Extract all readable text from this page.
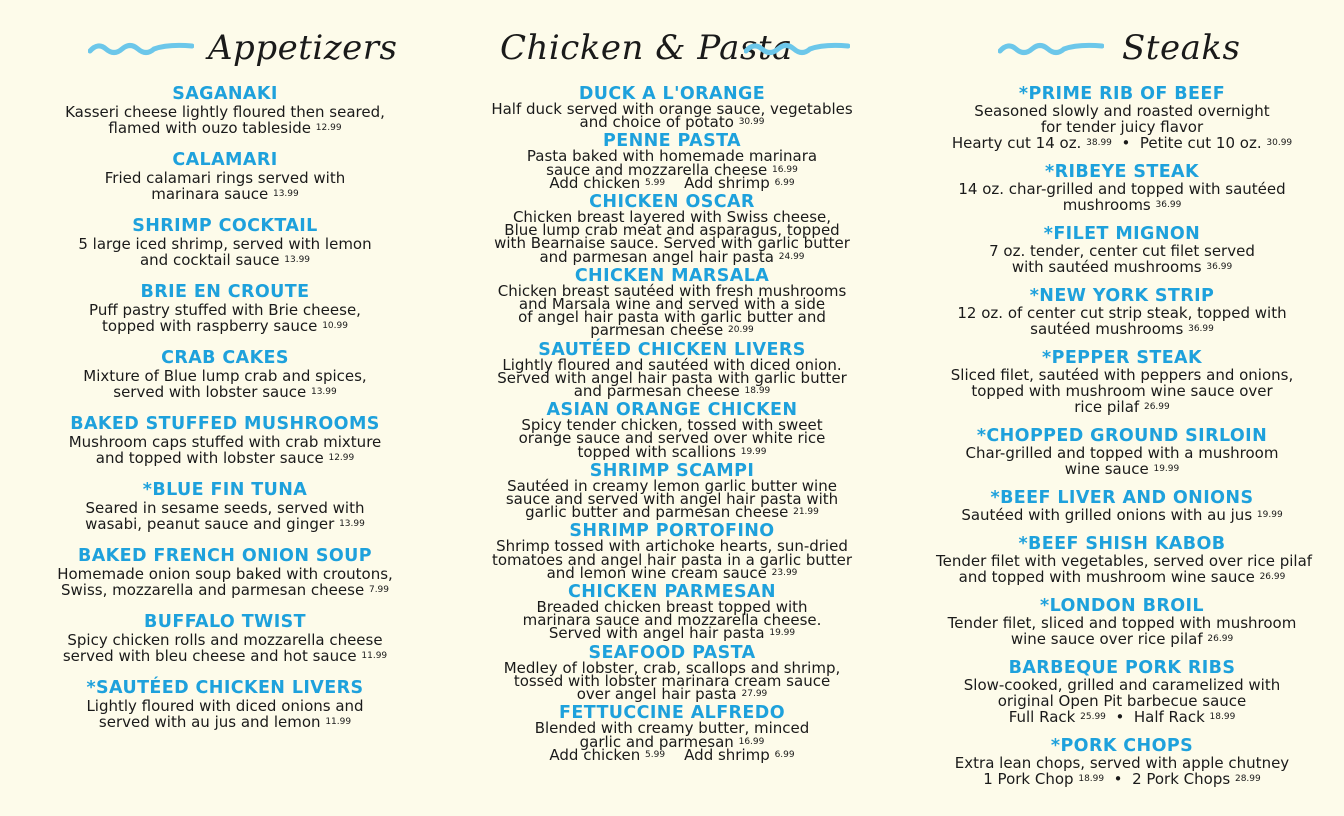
Appetizers
SAGANAKI
Kasseri cheese lightly floured then seared,
flamed with ouzo tableside $^{12.99}$
CALAMARI
Fried calamari rings served with
marinara sauce $^{13.99}$
SHRIMP COCKTAIL
5 large iced shrimp, served with lemon
and cocktail sauce $^{13.99}$
BRIE EN CROUTE
Puff pastry stuffed with Brie cheese,
topped with raspberry sauce $^{10.99}$
CRAB CAKES
Mixture of Blue lump crab and spices,
served with lobster sauce $^{13.99}$
BAKED STUFFED MUSHROOMS
Mushroom caps stuffed with crab mixture
and topped with lobster sauce $^{12.99}$
*BLUE FIN TUNA
Seared in sesame seeds, served with
wasabi, peanut sauce and ginger $^{13.99}$
BAKED FRENCH ONION SOUP
Homemade onion soup baked with croutons,
Swiss, mozzarella and parmesan cheese $^{7.99}$
BUFFALO TWIST
Spicy chicken rolls and mozzarella cheese
served with bleu cheese and hot sauce $^{11.99}$
*SAUTÉED CHICKEN LIVERS
Lightly floured with diced onions and
served with au jus and lemon $^{11.99}$
Chicken & Pasta
DUCK A L'ORANGE
Half duck served with orange sauce, vegetables
and choice of potato $^{30.99}$
PENNE PASTA
Pasta baked with homemade marinara
sauce and mozzarella cheese $^{16.99}$
Add chicken $^{5.99}$ Add shrimp $^{6.99}$
CHICKEN OSCAR
Chicken breast layered with Swiss cheese,
Blue lump crab meat and asparagus, topped
with Bearnaise sauce. Served with garlic butter
and parmesan angel hair pasta $^{24.99}$
CHICKEN MARSALA
Chicken breast sautéed with fresh mushrooms
and Marsala wine and served with a side
of angel hair pasta with garlic butter and
parmesan cheese $^{20.99}$
SAUTÉED CHICKEN LIVERS
Lightly floured and sautéed with diced onion.
Served with angel hair pasta with garlic butter
and parmesan cheese $^{18.99}$
ASIAN ORANGE CHICKEN
Spicy tender chicken, tossed with sweet
orange sauce and served over white rice
topped with scallions $^{19.99}$
SHRIMP SCAMPI
Sautéed in creamy lemon garlic butter wine
sauce and served with angel hair pasta with
garlic butter and parmesan cheese $^{21.99}$
SHRIMP PORTOFINO
Shrimp tossed with artichoke hearts, sun-dried
tomatoes and angel hair pasta in a garlic butter
and lemon wine cream sauce $^{23.99}$
CHICKEN PARMESAN
Breaded chicken breast topped with
marinara sauce and mozzarella cheese.
Served with angel hair pasta $^{19.99}$
SEAFOOD PASTA
Medley of lobster, crab, scallops and shrimp,
tossed with lobster marinara cream sauce
over angel hair pasta $^{27.99}$
FETTUCCINE ALFREDO
Blended with creamy butter, minced
garlic and parmesan $^{16.99}$
Add chicken $^{5.99}$ Add shrimp $^{6.99}$
Steaks
*PRIME RIB OF BEEF
Seasoned slowly and roasted overnight
for tender juicy flavor
Hearty cut 14 oz. $^{38.99}$ • Petite cut 10 oz. $^{30.99}$
*RIBEYE STEAK
14 oz. char-grilled and topped with sautéed
mushrooms $^{36.99}$
*FILET MIGNON
7 oz. tender, center cut filet served
with sautéed mushrooms $^{36.99}$
*NEW YORK STRIP
12 oz. of center cut strip steak, topped with
sautéed mushrooms $^{36.99}$
*PEPPER STEAK
Sliced filet, sautéed with peppers and onions,
topped with mushroom wine sauce over
rice pilaf $^{26.99}$
*CHOPPED GROUND SIRLOIN
Char-grilled and topped with a mushroom
wine sauce $^{19.99}$
*BEEF LIVER AND ONIONS
Sautéed with grilled onions with au jus $^{19.99}$
*BEEF SHISH KABOB
Tender filet with vegetables, served over rice pilaf
and topped with mushroom wine sauce $^{26.99}$
*LONDON BROIL
Tender filet, sliced and topped with mushroom
wine sauce over rice pilaf $^{26.99}$
BARBEQUE PORK RIBS
Slow-cooked, grilled and caramelized with
original Open Pit barbecue sauce
Full Rack $^{25.99}$ • Half Rack $^{18.99}$
*PORK CHOPS
Extra lean chops, served with apple chutney
1 Pork Chop $^{18.99}$ • 2 Pork Chops $^{28.99}$
